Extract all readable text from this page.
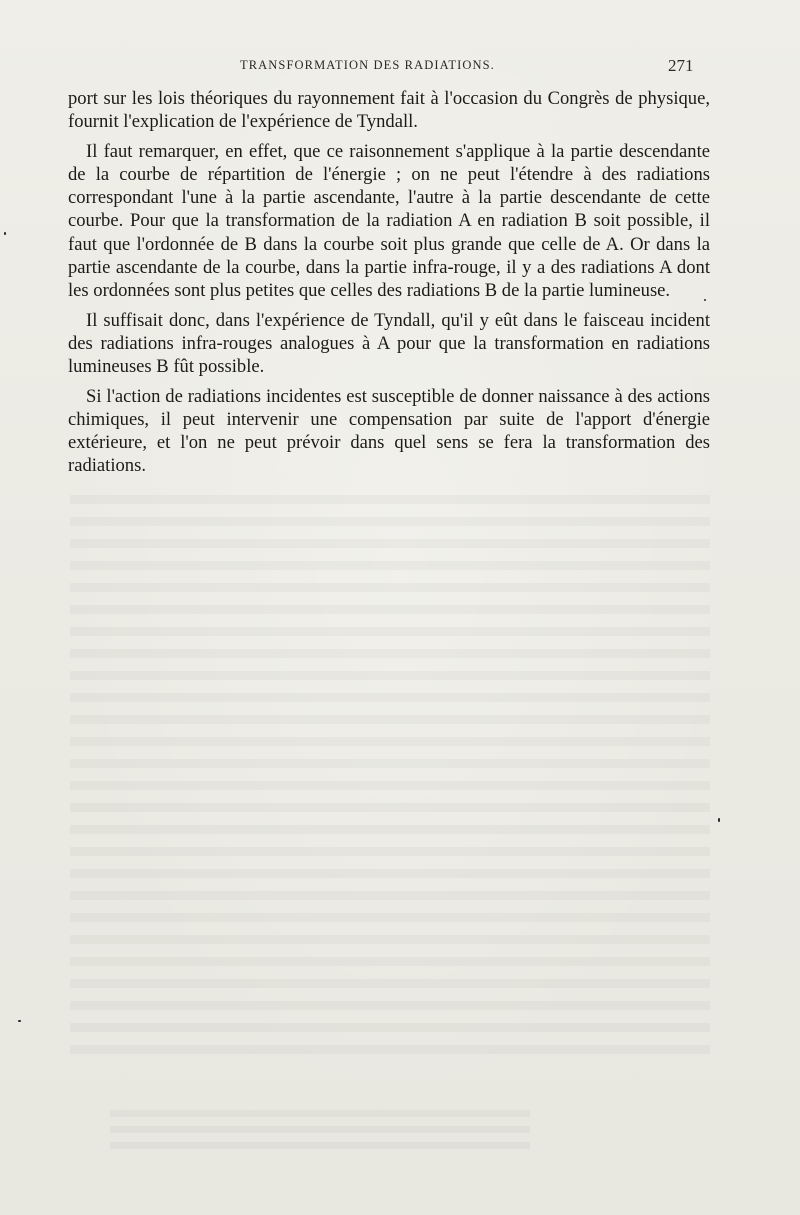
TRANSFORMATION DES RADIATIONS.	271

port sur les lois théoriques du rayonnement fait à l'occasion du Congrès de physique, fournit l'explication de l'expérience de Tyndall.

Il faut remarquer, en effet, que ce raisonnement s'applique à la partie descendante de la courbe de répartition de l'énergie ; on ne peut l'étendre à des radiations correspondant l'une à la partie ascendante, l'autre à la partie descendante de cette courbe. Pour que la transformation de la radiation A en radiation B soit possible, il faut que l'ordonnée de B dans la courbe soit plus grande que celle de A. Or dans la partie ascendante de la courbe, dans la partie infra-rouge, il y a des radiations A dont les ordonnées sont plus petites que celles des radiations B de la partie lumineuse.

Il suffisait donc, dans l'expérience de Tyndall, qu'il y eût dans le faisceau incident des radiations infra-rouges analogues à A pour que la transformation en radiations lumineuses B fût possible.

Si l'action de radiations incidentes est susceptible de donner naissance à des actions chimiques, il peut intervenir une compensation par suite de l'apport d'énergie extérieure, et l'on ne peut prévoir dans quel sens se fera la transformation des radiations.
